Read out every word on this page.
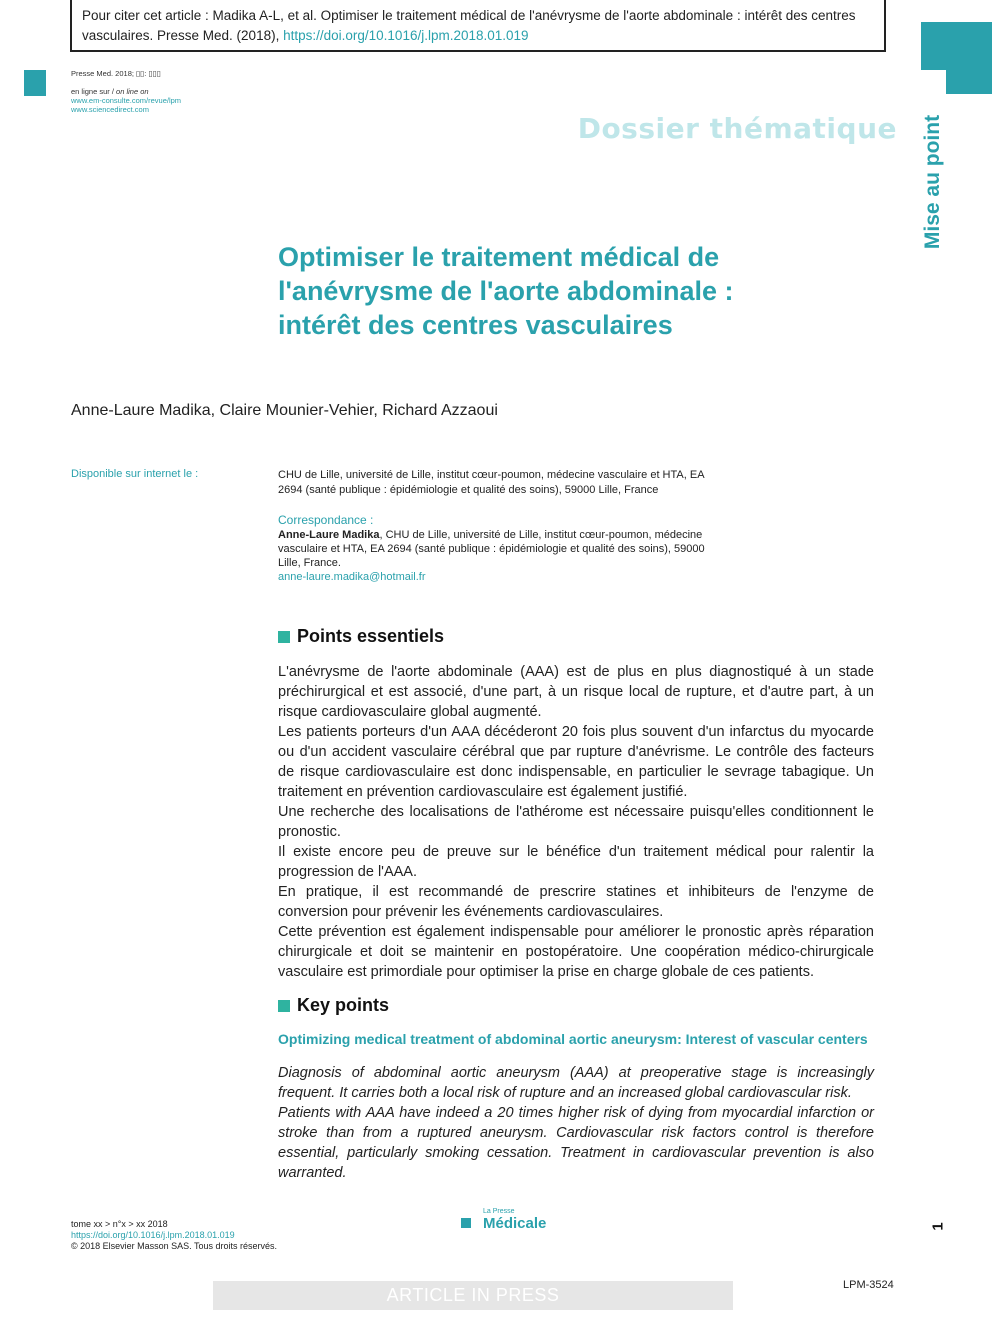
Pour citer cet article : Madika A-L, et al. Optimiser le traitement médical de l'anévrysme de l'aorte abdominale : intérêt des centres vasculaires. Presse Med. (2018), https://doi.org/10.1016/j.lpm.2018.01.019
Presse Med. 2018; ▯▯: ▯▯▯
en ligne sur / on line on
www.em-consulte.com/revue/lpm
www.sciencedirect.com
Mise au point
Dossier thématique
Optimiser le traitement médical de l'anévrysme de l'aorte abdominale : intérêt des centres vasculaires
Anne-Laure Madika, Claire Mounier-Vehier, Richard Azzaoui
Disponible sur internet le :	CHU de Lille, université de Lille, institut cœur-poumon, médecine vasculaire et HTA, EA 2694 (santé publique : épidémiologie et qualité des soins), 59000 Lille, France
Correspondance :
Anne-Laure Madika, CHU de Lille, université de Lille, institut cœur-poumon, médecine vasculaire et HTA, EA 2694 (santé publique : épidémiologie et qualité des soins), 59000 Lille, France.
anne-laure.madika@hotmail.fr
Points essentiels

L'anévrysme de l'aorte abdominale (AAA) est de plus en plus diagnostiqué à un stade préchirurgical et est associé, d'une part, à un risque local de rupture, et d'autre part, à un risque cardiovasculaire global augmenté.

Les patients porteurs d'un AAA décéderont 20 fois plus souvent d'un infarctus du myocarde ou d'un accident vasculaire cérébral que par rupture d'anévrisme. Le contrôle des facteurs de risque cardiovasculaire est donc indispensable, en particulier le sevrage tabagique. Un traitement en prévention cardiovasculaire est également justifié.

Une recherche des localisations de l'athérome est nécessaire puisqu'elles conditionnent le pronostic.

Il existe encore peu de preuve sur le bénéfice d'un traitement médical pour ralentir la progression de l'AAA.

En pratique, il est recommandé de prescrire statines et inhibiteurs de l'enzyme de conversion pour prévenir les événements cardiovasculaires.

Cette prévention est également indispensable pour améliorer le pronostic après réparation chirurgicale et doit se maintenir en postopératoire. Une coopération médico-chirurgicale vasculaire est primordiale pour optimiser la prise en charge globale de ces patients.

Key points
Optimizing medical treatment of abdominal aortic aneurysm: Interest of vascular centers

Diagnosis of abdominal aortic aneurysm (AAA) at preoperative stage is increasingly frequent. It carries both a local risk of rupture and an increased global cardiovascular risk.

Patients with AAA have indeed a 20 times higher risk of dying from myocardial infarction or stroke than from a ruptured aneurysm. Cardiovascular risk factors control is therefore essential, particularly smoking cessation. Treatment in cardiovascular prevention is also warranted.

tome xx > n°x > xx 2018
https://doi.org/10.1016/j.lpm.2018.01.019
© 2018 Elsevier Masson SAS. Tous droits réservés.
La Presse
Médicale	1
ARTICLE IN PRESS	LPM-3524
